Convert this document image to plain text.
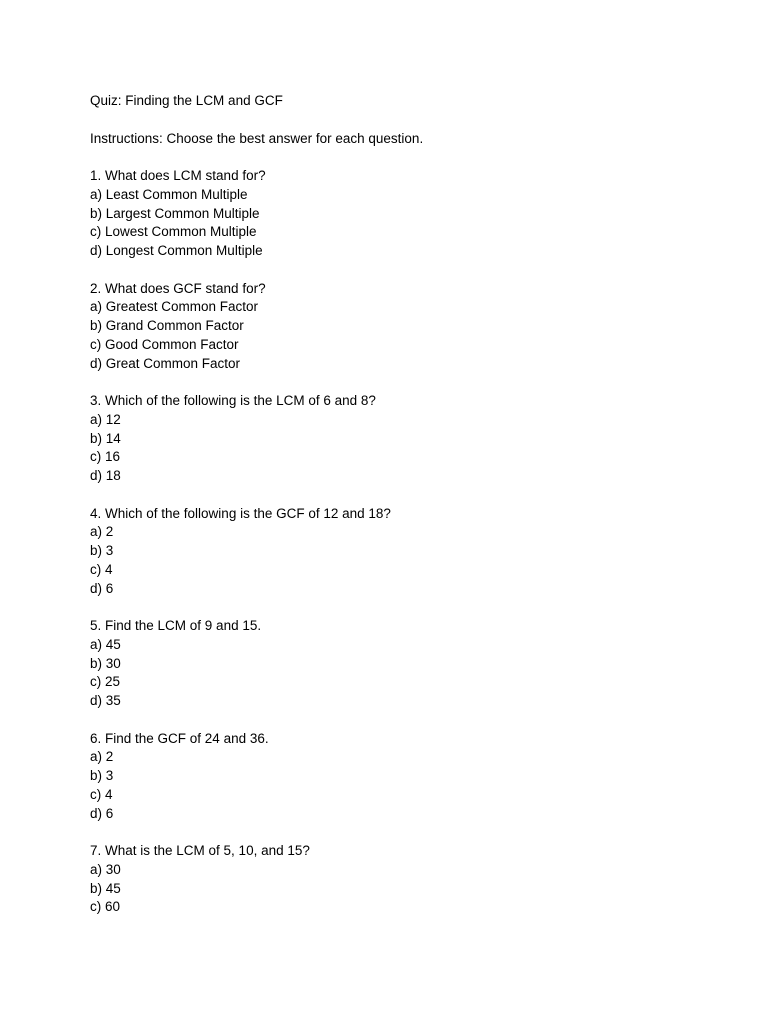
Quiz: Finding the LCM and GCF
Instructions: Choose the best answer for each question.
1. What does LCM stand for?
a) Least Common Multiple
b) Largest Common Multiple
c) Lowest Common Multiple
d) Longest Common Multiple
2. What does GCF stand for?
a) Greatest Common Factor
b) Grand Common Factor
c) Good Common Factor
d) Great Common Factor
3. Which of the following is the LCM of 6 and 8?
a) 12
b) 14
c) 16
d) 18
4. Which of the following is the GCF of 12 and 18?
a) 2
b) 3
c) 4
d) 6
5. Find the LCM of 9 and 15.
a) 45
b) 30
c) 25
d) 35
6. Find the GCF of 24 and 36.
a) 2
b) 3
c) 4
d) 6
7. What is the LCM of 5, 10, and 15?
a) 30
b) 45
c) 60
